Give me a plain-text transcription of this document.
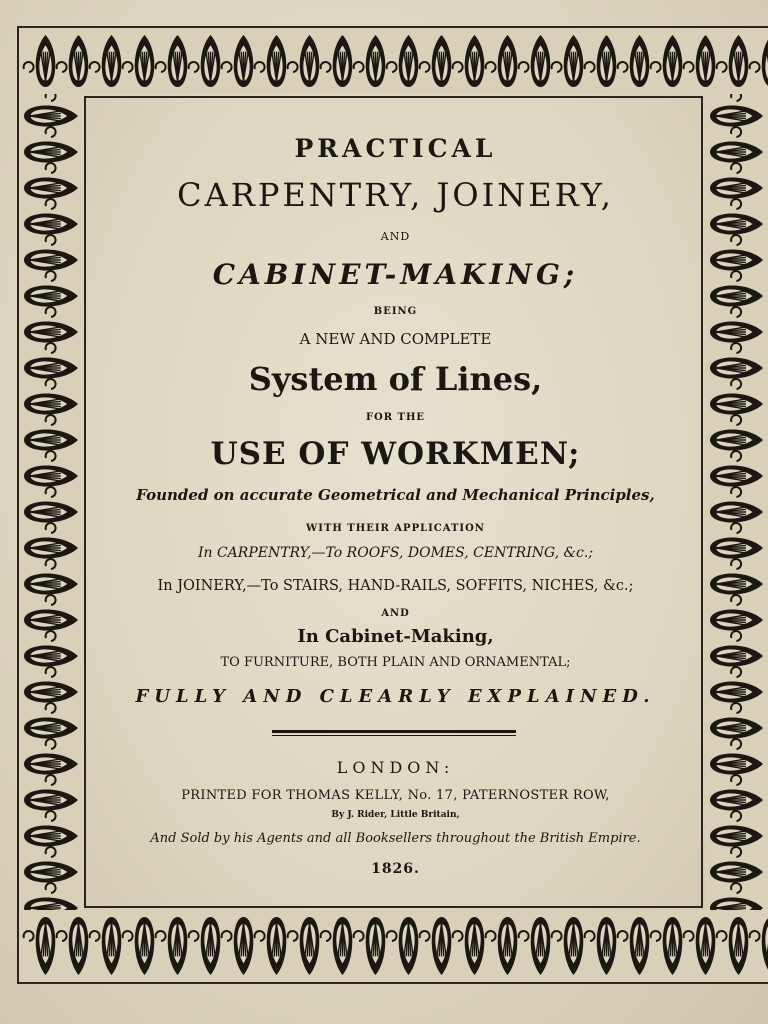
PRACTICAL
CARPENTRY, JOINERY,
AND
CABINET-MAKING;
BEING
A NEW AND COMPLETE
System of Lines,
FOR THE
USE OF WORKMEN;
Founded on accurate Geometrical and Mechanical Principles,
WITH THEIR APPLICATION
In CARPENTRY,—To ROOFS, DOMES, CENTRING, &c.;
In JOINERY,—To STAIRS, HAND-RAILS, SOFFITS, NICHES, &c.;
AND
In Cabinet-Making,
TO FURNITURE, BOTH PLAIN AND ORNAMENTAL;
FULLY AND CLEARLY EXPLAINED.
LONDON:
PRINTED FOR THOMAS KELLY, No. 17, PATERNOSTER ROW,
By J. Rider, Little Britain,
And Sold by his Agents and all Booksellers throughout the British Empire.
1826.
